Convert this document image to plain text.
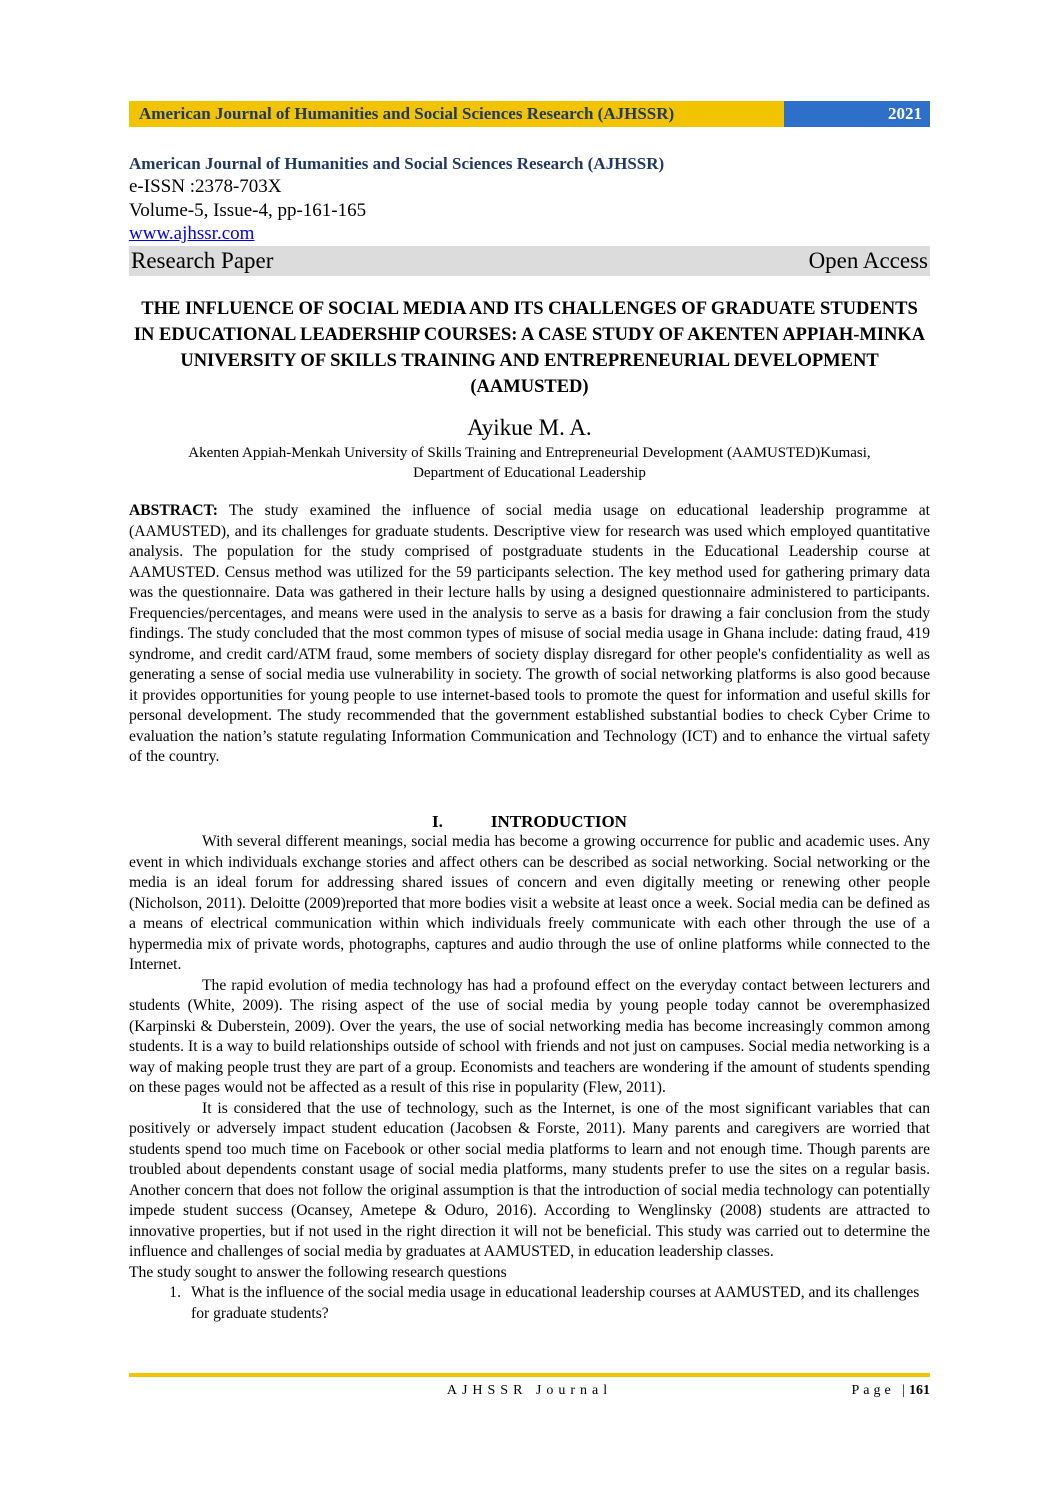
American Journal of Humanities and Social Sciences Research (AJHSSR)	2021
American Journal of Humanities and Social Sciences Research (AJHSSR)
e-ISSN :2378-703X
Volume-5, Issue-4, pp-161-165
www.ajhssr.com
Research Paper	Open Access
THE INFLUENCE OF SOCIAL MEDIA AND ITS CHALLENGES OF GRADUATE STUDENTS IN EDUCATIONAL LEADERSHIP COURSES: A CASE STUDY OF AKENTEN APPIAH-MINKA UNIVERSITY OF SKILLS TRAINING AND ENTREPRENEURIAL DEVELOPMENT (AAMUSTED)
Ayikue M. A.
Akenten Appiah-Menkah University of Skills Training and Entrepreneurial Development (AAMUSTED)Kumasi,
Department of Educational Leadership
ABSTRACT: The study examined the influence of social media usage on educational leadership programme at (AAMUSTED), and its challenges for graduate students. Descriptive view for research was used which employed quantitative analysis. The population for the study comprised of postgraduate students in the Educational Leadership course at AAMUSTED. Census method was utilized for the 59 participants selection. The key method used for gathering primary data was the questionnaire. Data was gathered in their lecture halls by using a designed questionnaire administered to participants. Frequencies/percentages, and means were used in the analysis to serve as a basis for drawing a fair conclusion from the study findings. The study concluded that the most common types of misuse of social media usage in Ghana include: dating fraud, 419 syndrome, and credit card/ATM fraud, some members of society display disregard for other people's confidentiality as well as generating a sense of social media use vulnerability in society. The growth of social networking platforms is also good because it provides opportunities for young people to use internet-based tools to promote the quest for information and useful skills for personal development. The study recommended that the government established substantial bodies to check Cyber Crime to evaluation the nation’s statute regulating Information Communication and Technology (ICT) and to enhance the virtual safety of the country.
I.	INTRODUCTION

With several different meanings, social media has become a growing occurrence for public and academic uses. Any event in which individuals exchange stories and affect others can be described as social networking. Social networking or the media is an ideal forum for addressing shared issues of concern and even digitally meeting or renewing other people (Nicholson, 2011). Deloitte (2009)reported that more bodies visit a website at least once a week. Social media can be defined as a means of electrical communication within which individuals freely communicate with each other through the use of a hypermedia mix of private words, photographs, captures and audio through the use of online platforms while connected to the Internet.

The rapid evolution of media technology has had a profound effect on the everyday contact between lecturers and students (White, 2009). The rising aspect of the use of social media by young people today cannot be overemphasized (Karpinski & Duberstein, 2009). Over the years, the use of social networking media has become increasingly common among students. It is a way to build relationships outside of school with friends and not just on campuses. Social media networking is a way of making people trust they are part of a group. Economists and teachers are wondering if the amount of students spending on these pages would not be affected as a result of this rise in popularity (Flew, 2011).

It is considered that the use of technology, such as the Internet, is one of the most significant variables that can positively or adversely impact student education (Jacobsen & Forste, 2011). Many parents and caregivers are worried that students spend too much time on Facebook or other social media platforms to learn and not enough time. Though parents are troubled about dependents constant usage of social media platforms, many students prefer to use the sites on a regular basis. Another concern that does not follow the original assumption is that the introduction of social media technology can potentially impede student success (Ocansey, Ametepe & Oduro, 2016). According to Wenglinsky (2008) students are attracted to innovative properties, but if not used in the right direction it will not be beneficial. This study was carried out to determine the influence and challenges of social media by graduates at AAMUSTED, in education leadership classes.

The study sought to answer the following research questions
1. What is the influence of the social media usage in educational leadership courses at AAMUSTED, and its challenges for graduate students?
AJHSSR Journal	Page |161
